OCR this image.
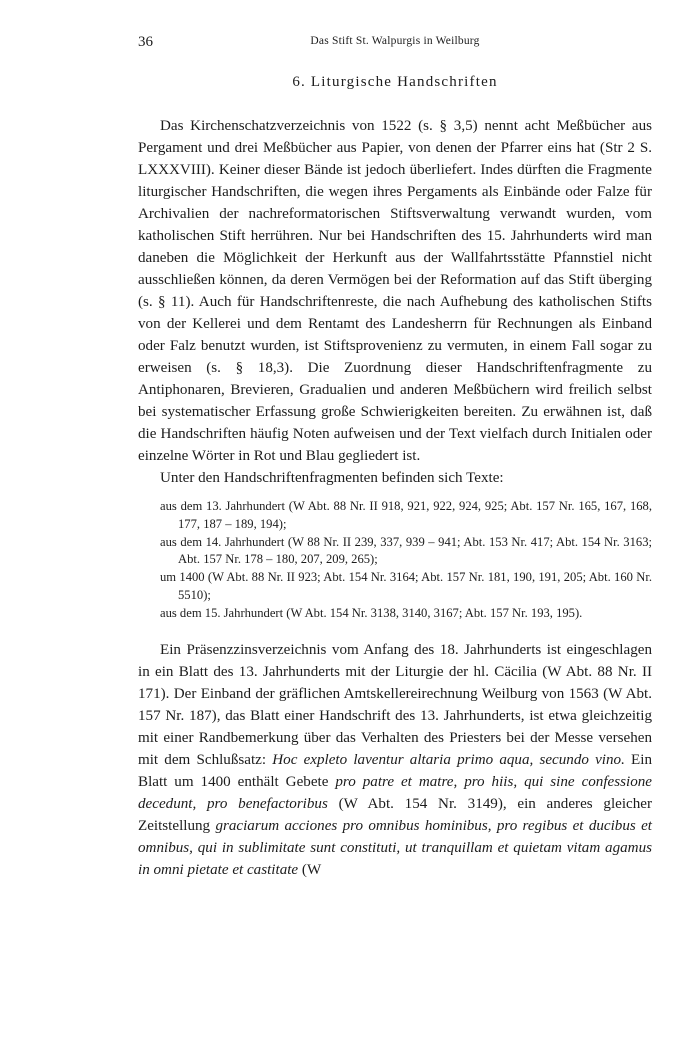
36	Das Stift St. Walpurgis in Weilburg
6. Liturgische Handschriften

Das Kirchenschatzverzeichnis von 1522 (s. § 3,5) nennt acht Meßbücher aus Pergament und drei Meßbücher aus Papier, von denen der Pfarrer eins hat (Str 2 S. LXXXVIII). Keiner dieser Bände ist jedoch überliefert. Indes dürften die Fragmente liturgischer Handschriften, die wegen ihres Pergaments als Einbände oder Falze für Archivalien der nachreformatorischen Stiftsverwaltung verwandt wurden, vom katholischen Stift herrühren. Nur bei Handschriften des 15. Jahrhunderts wird man daneben die Möglichkeit der Herkunft aus der Wallfahrtsstätte Pfannstiel nicht ausschließen können, da deren Vermögen bei der Reformation auf das Stift überging (s. § 11). Auch für Handschriftenreste, die nach Aufhebung des katholischen Stifts von der Kellerei und dem Rentamt des Landesherrn für Rechnungen als Einband oder Falz benutzt wurden, ist Stiftsprovenienz zu vermuten, in einem Fall sogar zu erweisen (s. § 18,3). Die Zuordnung dieser Handschriftenfragmente zu Antiphonaren, Brevieren, Gradualien und anderen Meßbüchern wird freilich selbst bei systematischer Erfassung große Schwierigkeiten bereiten. Zu erwähnen ist, daß die Handschriften häufig Noten aufweisen und der Text vielfach durch Initialen oder einzelne Wörter in Rot und Blau gegliedert ist.

Unter den Handschriftenfragmenten befinden sich Texte:

aus dem 13. Jahrhundert (W Abt. 88 Nr. II 918, 921, 922, 924, 925; Abt. 157 Nr. 165, 167, 168, 177, 187 – 189, 194);
aus dem 14. Jahrhundert (W 88 Nr. II 239, 337, 939 – 941; Abt. 153 Nr. 417; Abt. 154 Nr. 3163; Abt. 157 Nr. 178 – 180, 207, 209, 265);
um 1400 (W Abt. 88 Nr. II 923; Abt. 154 Nr. 3164; Abt. 157 Nr. 181, 190, 191, 205; Abt. 160 Nr. 5510);
aus dem 15. Jahrhundert (W Abt. 154 Nr. 3138, 3140, 3167; Abt. 157 Nr. 193, 195).

Ein Präsenzzinsverzeichnis vom Anfang des 18. Jahrhunderts ist eingeschlagen in ein Blatt des 13. Jahrhunderts mit der Liturgie der hl. Cäcilia (W Abt. 88 Nr. II 171). Der Einband der gräflichen Amtskellereirechnung Weilburg von 1563 (W Abt. 157 Nr. 187), das Blatt einer Handschrift des 13. Jahrhunderts, ist etwa gleichzeitig mit einer Randbemerkung über das Verhalten des Priesters bei der Messe versehen mit dem Schlußsatz: Hoc expleto laventur altaria primo aqua, secundo vino. Ein Blatt um 1400 enthält Gebete pro patre et matre, pro hiis, qui sine confessione decedunt, pro benefactoribus (W Abt. 154 Nr. 3149), ein anderes gleicher Zeitstellung graciarum acciones pro omnibus hominibus, pro regibus et ducibus et omnibus, qui in sublimitate sunt constituti, ut tranquillam et quietam vitam agamus in omni pietate et castitate (W
